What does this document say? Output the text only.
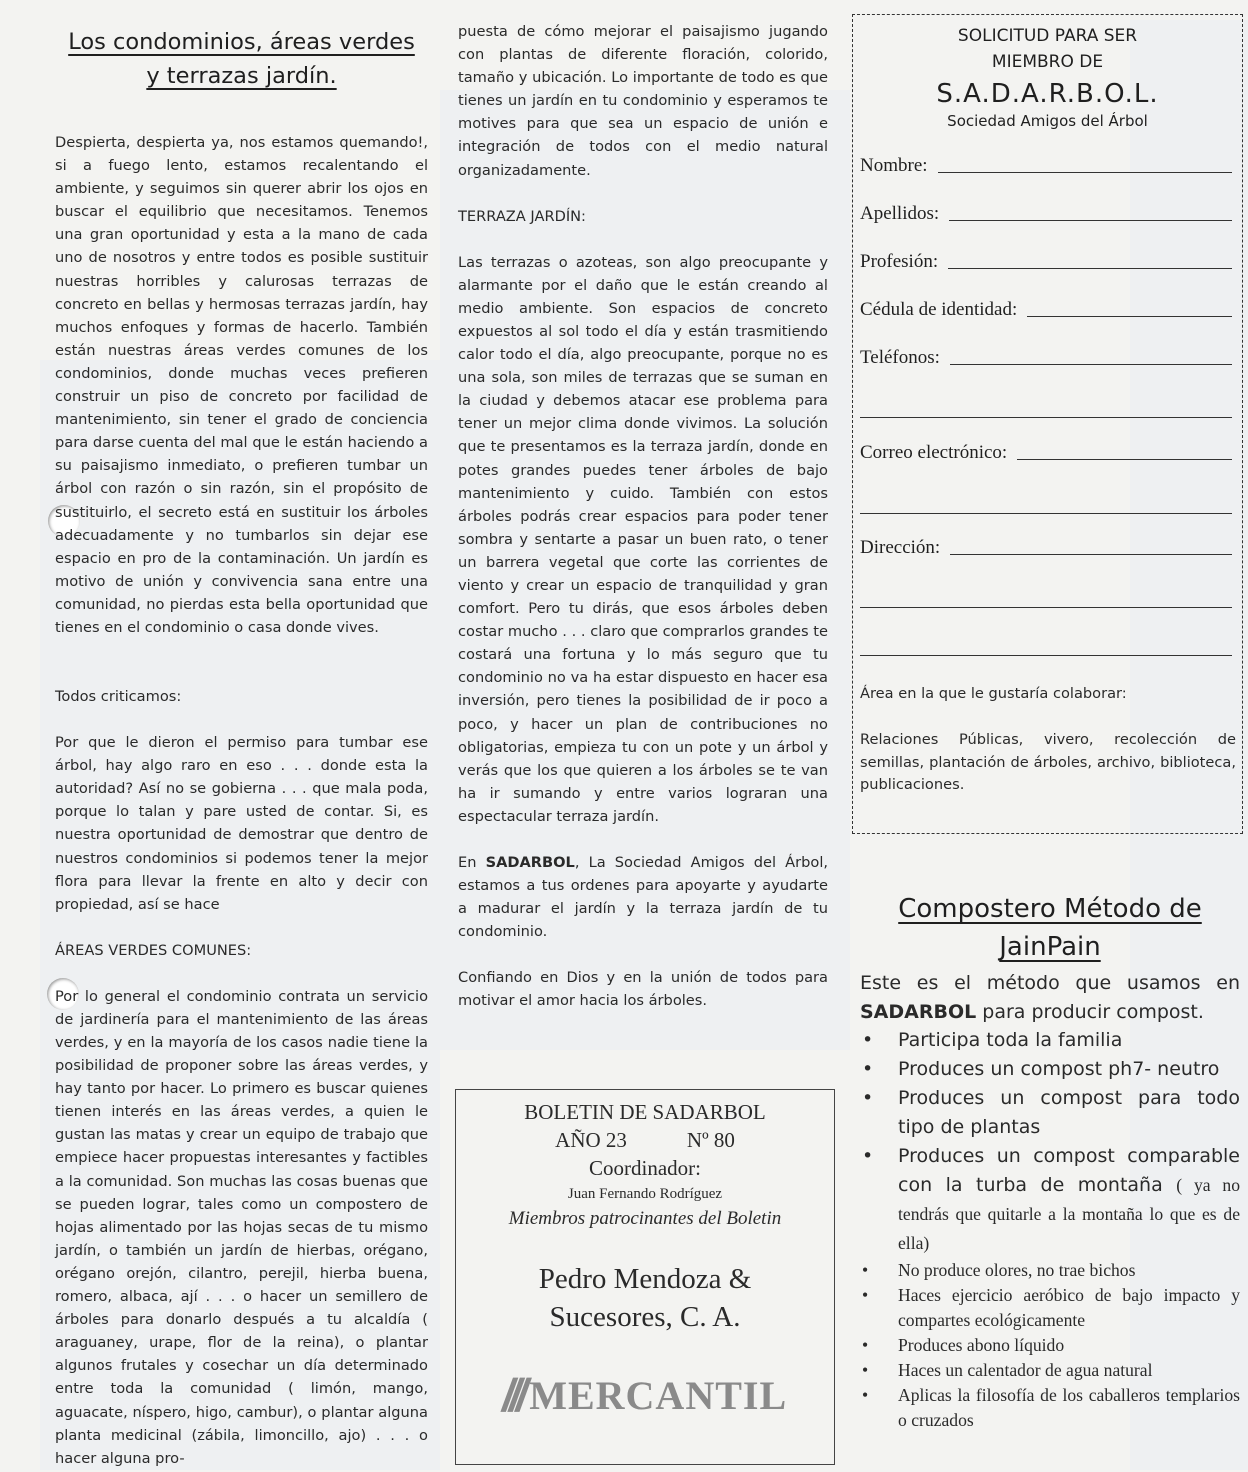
Los condominios, áreas verdes
y terrazas jardín.

Despierta, despierta ya, nos estamos quemando!, si a fuego lento, estamos recalentando el ambiente, y seguimos sin querer abrir los ojos en buscar el equilibrio que necesitamos. Tenemos una gran oportunidad y esta a la mano de cada uno de nosotros y entre todos es posible sustituir nuestras horribles y calurosas terrazas de concreto en bellas y hermosas terrazas jardín, hay muchos enfoques y formas de hacerlo. También están nuestras áreas verdes comunes de los condominios, donde muchas veces prefieren construir un piso de concreto por facilidad de mantenimiento, sin tener el grado de conciencia para darse cuenta del mal que le están haciendo a su paisajismo inmediato, o prefieren tumbar un árbol con razón o sin razón, sin el propósito de sustituirlo, el secreto está en sustituir los árboles adecuadamente y no tumbarlos sin dejar ese espacio en pro de la contaminación. Un jardín es motivo de unión y convivencia sana entre una comunidad, no pierdas esta bella oportunidad que tienes en el condominio o casa donde vives.

Todos criticamos:

Por que le dieron el permiso para tumbar ese árbol, hay algo raro en eso . . . donde esta la autoridad? Así no se gobierna . . . que mala poda, porque lo talan y pare usted de contar. Si, es nuestra oportunidad de demostrar que dentro de nuestros condominios si podemos tener la mejor flora para llevar la frente en alto y decir con propiedad, así se hace

ÁREAS VERDES COMUNES:

Por lo general el condominio contrata un servicio de jardinería para el mantenimiento de las áreas verdes, y en la mayoría de los casos nadie tiene la posibilidad de proponer sobre las áreas verdes, y hay tanto por hacer. Lo primero es buscar quienes tienen interés en las áreas verdes, a quien le gustan las matas y crear un equipo de trabajo que empiece hacer propuestas interesantes y factibles a la comunidad. Son muchas las cosas buenas que se pueden lograr, tales como un compostero de hojas alimentado por las hojas secas de tu mismo jardín, o también un jardín de hierbas, orégano, orégano orejón, cilantro, perejil, hierba buena, romero, albaca, ají . . . o hacer un semillero de árboles para donarlo después a tu alcaldía ( araguaney, urape, flor de la reina), o plantar algunos frutales y cosechar un día determinado entre toda la comunidad ( limón, mango, aguacate, níspero, higo, cambur), o plantar alguna planta medicinal (zábila, limoncillo, ajo) . . . o hacer alguna pro-

puesta de cómo mejorar el paisajismo jugando con plantas de diferente floración, colorido, tamaño y ubicación. Lo importante de todo es que tienes un jardín en tu condominio y esperamos te motives para que sea un espacio de unión e integración de todos con el medio natural organizadamente.

TERRAZA JARDÍN:

Las terrazas o azoteas, son algo preocupante y alarmante por el daño que le están creando al medio ambiente. Son espacios de concreto expuestos al sol todo el día y están trasmitiendo calor todo el día, algo preocupante, porque no es una sola, son miles de terrazas que se suman en la ciudad y debemos atacar ese problema para tener un mejor clima donde vivimos. La solución que te presentamos es la terraza jardín, donde en potes grandes puedes tener árboles de bajo mantenimiento y cuido. También con estos árboles podrás crear espacios para poder tener sombra y sentarte a pasar un buen rato, o tener un barrera vegetal que corte las corrientes de viento y crear un espacio de tranquilidad y gran comfort. Pero tu dirás, que esos árboles deben costar mucho . . . claro que comprarlos grandes te costará una fortuna y lo más seguro que tu condominio no va ha estar dispuesto en hacer esa inversión, pero tienes la posibilidad de ir poco a poco, y hacer un plan de contribuciones no obligatorias, empieza tu con un pote y un árbol y verás que los que quieren a los árboles se te van ha ir sumando y entre varios lograran una espectacular terraza jardín.

En SADARBOL, La Sociedad Amigos del Árbol, estamos a tus ordenes para apoyarte y ayudarte a madurar el jardín y la terraza jardín de tu condominio.

Confiando en Dios y en la unión de todos para motivar el amor hacia los árboles.

SOLICITUD PARA SER
MIEMBRO DE
S.A.D.A.R.B.O.L.
Sociedad Amigos del Árbol
Nombre:
Apellidos:
Profesión:
Cédula de identidad:
Teléfonos:
Correo electrónico:
Dirección:

Área en la que le gustaría colaborar:

Relaciones Públicas, vivero, recolección de semillas, plantación de árboles, archivo, biblioteca, publicaciones.

BOLETIN DE SADARBOL
AÑO 23	Nº 80
Coordinador:
Juan Fernando Rodríguez
Miembros patrocinantes del Boletin
Pedro Mendoza &
Sucesores, C. A.
///MERCANTIL

Compostero Método de
JainPain

Este es el método que usamos en SADARBOL para producir compost.

• Participa toda la familia
• Produces un compost ph7- neutro
• Produces un compost para todo tipo de plantas
• Produces un compost comparable con la turba de montaña ( ya no tendrás que quitarle a la montaña lo que es de ella)
• No produce olores, no trae bichos
• Haces ejercicio aeróbico de bajo impacto y compartes ecológicamente
• Produces abono líquido
• Haces un calentador de agua natural
• Aplicas la filosofía de los caballeros templarios o cruzados
